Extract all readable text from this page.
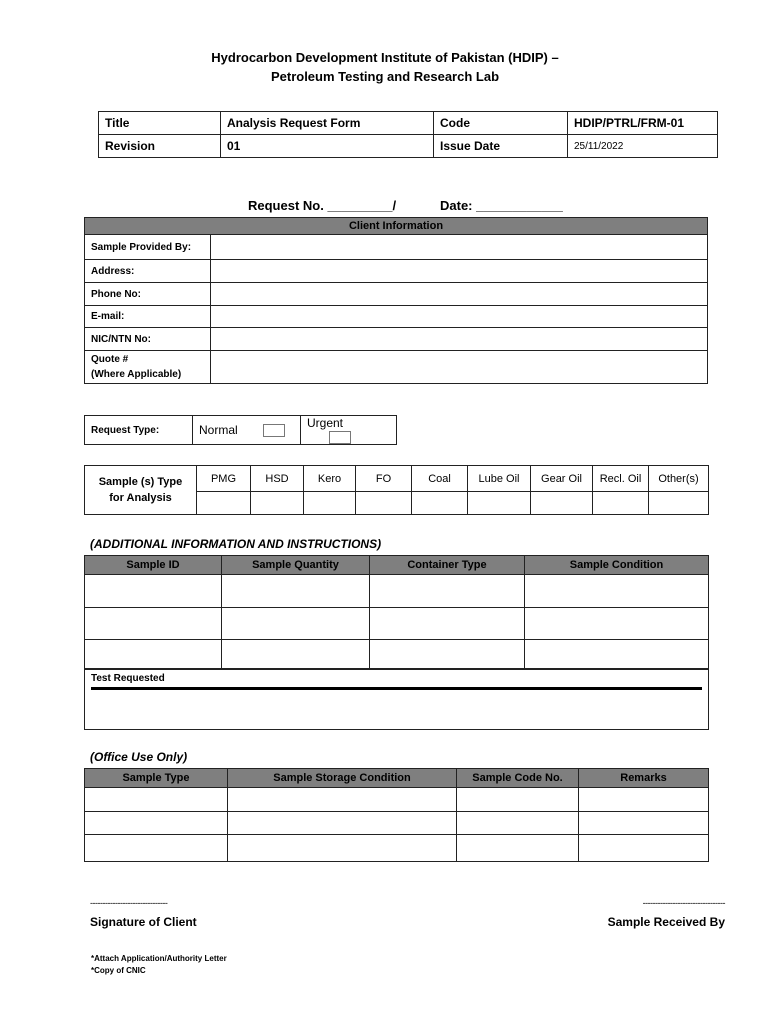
Hydrocarbon Development Institute of Pakistan (HDIP) –
Petroleum Testing and Research Lab
Title	Analysis Request Form	Code	HDIP/PTRL/FRM-01
Revision	01	Issue Date	25/11/2022
Request No. _________/	Date: ____________
Client Information	
Sample Provided By:	
Address:	
Phone No:	
E-mail:	
NIC/NTN No:	

Quote #
(Where Applicable)	

Request Type:	Normal	Urgent
Sample (s) Type
for Analysis	PMG	HSD	Kero	FO	Coal	Lube Oil	Gear Oil	Recl. Oil	Other(s)

(ADDITIONAL INFORMATION AND INSTRUCTIONS)
Sample ID	Sample Quantity	Container Type	Sample Condition

Test Requested
(Office Use Only)
Sample Type	Sample Storage Condition	Sample Code No.	Remarks

-------------------------------
Signature of Client
---------------------------------
Sample Received By
*Attach Application/Authority Letter
*Copy of CNIC
